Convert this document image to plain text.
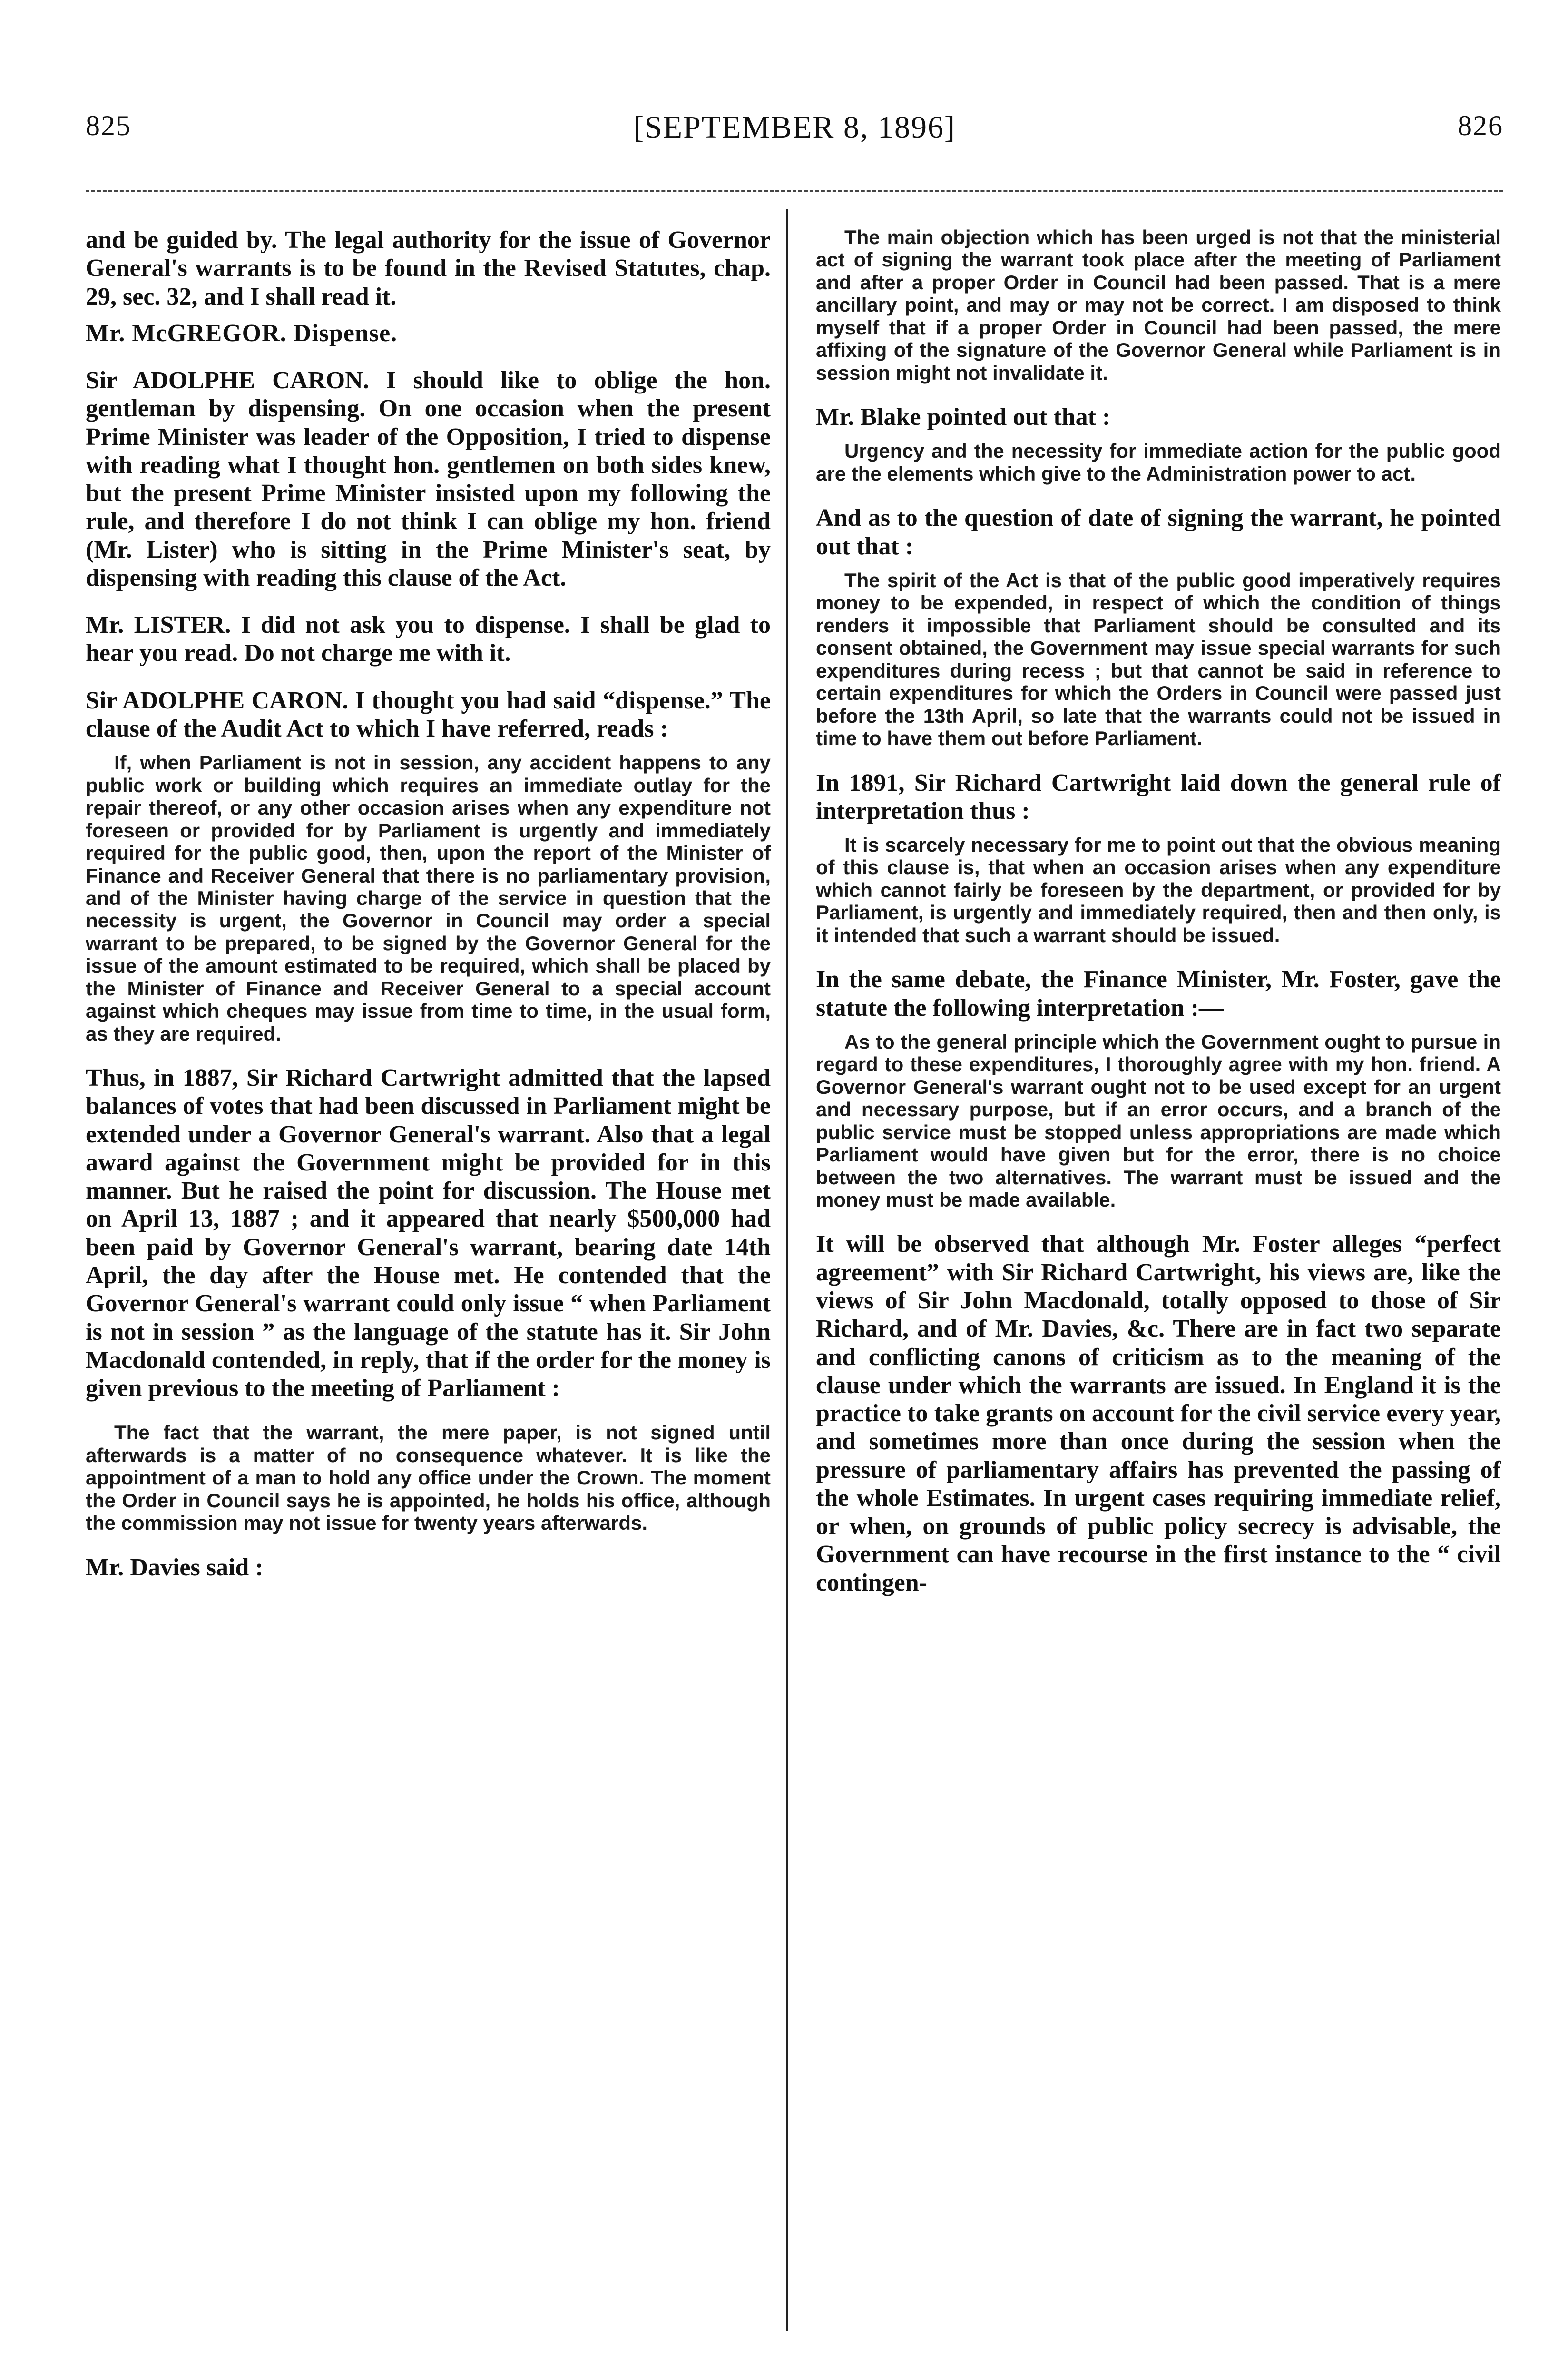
825	[SEPTEMBER 8, 1896]	826

and be guided by. The legal authority for the issue of Governor General's warrants is to be found in the Revised Statutes, chap. 29, sec. 32, and I shall read it.

Mr. McGREGOR. Dispense.

Sir ADOLPHE CARON. I should like to oblige the hon. gentleman by dispensing. On one occasion when the present Prime Minister was leader of the Opposition, I tried to dispense with reading what I thought hon. gentlemen on both sides knew, but the present Prime Minister insisted upon my following the rule, and therefore I do not think I can oblige my hon. friend (Mr. Lister) who is sitting in the Prime Minister's seat, by dispensing with reading this clause of the Act.

Mr. LISTER. I did not ask you to dispense. I shall be glad to hear you read. Do not charge me with it.

Sir ADOLPHE CARON. I thought you had said “dispense.” The clause of the Audit Act to which I have referred, reads :

If, when Parliament is not in session, any accident happens to any public work or building which requires an immediate outlay for the repair thereof, or any other occasion arises when any expenditure not foreseen or provided for by Parliament is urgently and immediately required for the public good, then, upon the report of the Minister of Finance and Receiver General that there is no parliamentary provision, and of the Minister having charge of the service in question that the necessity is urgent, the Governor in Council may order a special warrant to be prepared, to be signed by the Governor General for the issue of the amount estimated to be required, which shall be placed by the Minister of Finance and Receiver General to a special account against which cheques may issue from time to time, in the usual form, as they are required.

Thus, in 1887, Sir Richard Cartwright admitted that the lapsed balances of votes that had been discussed in Parliament might be extended under a Governor General's warrant. Also that a legal award against the Government might be provided for in this manner. But he raised the point for discussion. The House met on April 13, 1887 ; and it appeared that nearly $500,000 had been paid by Governor General's warrant, bearing date 14th April, the day after the House met. He contended that the Governor General's warrant could only issue “ when Parliament is not in session ” as the language of the statute has it. Sir John Macdonald contended, in reply, that if the order for the money is given previous to the meeting of Parliament :

The fact that the warrant, the mere paper, is not signed until afterwards is a matter of no consequence whatever. It is like the appointment of a man to hold any office under the Crown. The moment the Order in Council says he is appointed, he holds his office, although the commission may not issue for twenty years afterwards.

Mr. Davies said :

The main objection which has been urged is not that the ministerial act of signing the warrant took place after the meeting of Parliament and after a proper Order in Council had been passed. That is a mere ancillary point, and may or may not be correct. I am disposed to think myself that if a proper Order in Council had been passed, the mere affixing of the signature of the Governor General while Parliament is in session might not invalidate it.

Mr. Blake pointed out that :

Urgency and the necessity for immediate action for the public good are the elements which give to the Administration power to act.

And as to the question of date of signing the warrant, he pointed out that :

The spirit of the Act is that of the public good imperatively requires money to be expended, in respect of which the condition of things renders it impossible that Parliament should be consulted and its consent obtained, the Government may issue special warrants for such expenditures during recess ; but that cannot be said in reference to certain expenditures for which the Orders in Council were passed just before the 13th April, so late that the warrants could not be issued in time to have them out before Parliament.

In 1891, Sir Richard Cartwright laid down the general rule of interpretation thus :

It is scarcely necessary for me to point out that the obvious meaning of this clause is, that when an occasion arises when any expenditure which cannot fairly be foreseen by the department, or provided for by Parliament, is urgently and immediately required, then and then only, is it intended that such a warrant should be issued.

In the same debate, the Finance Minister, Mr. Foster, gave the statute the following interpretation :—

As to the general principle which the Government ought to pursue in regard to these expenditures, I thoroughly agree with my hon. friend. A Governor General's warrant ought not to be used except for an urgent and necessary purpose, but if an error occurs, and a branch of the public service must be stopped unless appropriations are made which Parliament would have given but for the error, there is no choice between the two alternatives. The warrant must be issued and the money must be made available.

It will be observed that although Mr. Foster alleges “perfect agreement” with Sir Richard Cartwright, his views are, like the views of Sir John Macdonald, totally opposed to those of Sir Richard, and of Mr. Davies, &c. There are in fact two separate and conflicting canons of criticism as to the meaning of the clause under which the warrants are issued. In England it is the practice to take grants on account for the civil service every year, and sometimes more than once during the session when the pressure of parliamentary affairs has prevented the passing of the whole Estimates. In urgent cases requiring immediate relief, or when, on grounds of public policy secrecy is advisable, the Government can have recourse in the first instance to the “ civil contingen-
